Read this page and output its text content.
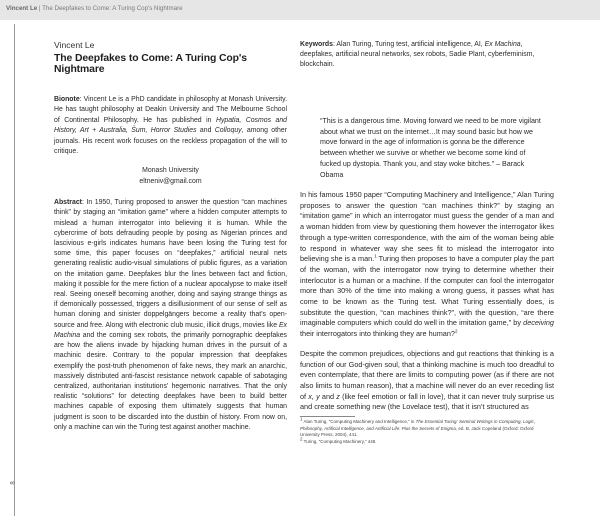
Vincent Le | The Deepfakes to Come: A Turing Cop's Nightmare
8

Vincent Le

The Deepfakes to Come: A Turing Cop's Nightmare

Bionote: Vincent Le is a PhD candidate in philosophy at Monash University. He has taught philosophy at Deakin University and The Melbourne School of Continental Philosophy. He has published in Hypatia, Cosmos and History, Art + Australia, Šum, Horror Studies and Colloquy, among other journals. His recent work focuses on the reckless propagation of the will to critique.

Monash University
eltneniv@gmail.com

Abstract: In 1950, Turing proposed to answer the question “can machines think” by staging an “imitation game” where a hidden computer attempts to mislead a human interrogator into believing it is human. While the cybercrime of bots defrauding people by posing as Nigerian princes and lascivious e-girls indicates humans have been losing the Turing test for some time, this paper focuses on “deepfakes,” artificial neural nets generating realistic audio-visual simulations of public figures, as a variation on the imitation game. Deepfakes blur the lines between fact and fiction, making it possible for the mere fiction of a nuclear apocalypse to make itself real. Seeing oneself becoming another, doing and saying strange things as if demonically possessed, triggers a disillusionment of our sense of self as human cloning and sinister doppelgängers become a reality that’s open-source and free. Along with electronic club music, illicit drugs, movies like Ex Machina and the coming sex robots, the primarily pornographic deepfakes are how the aliens invade by hijacking human drives in the pursuit of a machinic desire. Contrary to the popular impression that deepfakes exemplify the post-truth phenomenon of fake news, they mark an anarchic, massively distributed anti-fascist resistance network capable of sabotaging centralized, authoritarian institutions’ hegemonic narratives. That the only realistic “solutions” for detecting deepfakes have been to build better machines capable of exposing them ultimately suggests that human judgment is soon to be discarded into the dustbin of history. From now on, only a machine can win the Turing test against another machine.

Keywords: Alan Turing, Turing test, artificial intelligence, AI, Ex Machina, deepfakes, artificial neural networks, sex robots, Sadie Plant, cyberfeminism, blockchain.

“This is a dangerous time. Moving forward we need to be more vigilant about what we trust on the internet…It may sound basic but how we move forward in the age of information is gonna be the difference between whether we survive or whether we become some kind of fucked up dystopia. Thank you, and stay woke bitches.” – Barack Obama

In his famous 1950 paper “Computing Machinery and Intelligence,” Alan Turing proposes to answer the question “can machines think?” by staging an “imitation game” in which an interrogator must guess the gender of a man and a woman hidden from view by questioning them however the interrogator likes through a type-written correspondence, with the aim of the woman being able to respond in whatever way she sees fit to mislead the interrogator into believing she is a man.$^1$ Turing then proposes to have a computer play the part of the woman, with the interrogator now trying to determine whether their interlocutor is a human or a machine. If the computer can fool the interrogator more than 30% of the time into making a wrong guess, it passes what has come to be known as the Turing test. What Turing essentially does, is substitute the question, “can machines think?”, with the question, “are there imaginable computers which could do well in the imitation game,” by deceiving their interrogators into thinking they are human?$^2$

Despite the common prejudices, objections and gut reactions that thinking is a function of our God-given soul, that a thinking machine is much too dreadful to even contemplate, that there are limits to computing power (as if there are not also limits to human reason), that a machine will never do an ever receding list of x, y and z (like feel emotion or fall in love), that it can never truly surprise us and create something new (the Lovelace test), that it isn’t structured as

$^1$ Alan Turing, “Computing Machinery and Intelligence,” in The Essential Turing: Seminal Writings in Computing, Logic, Philosophy, Artificial Intelligence, and Artificial Life: Plus the Secrets of Enigma, ed. B. Jack Copeland (Oxford: Oxford University Press, 2004), 441.

$^2$ Turing, “Computing Machinery,” 448.
